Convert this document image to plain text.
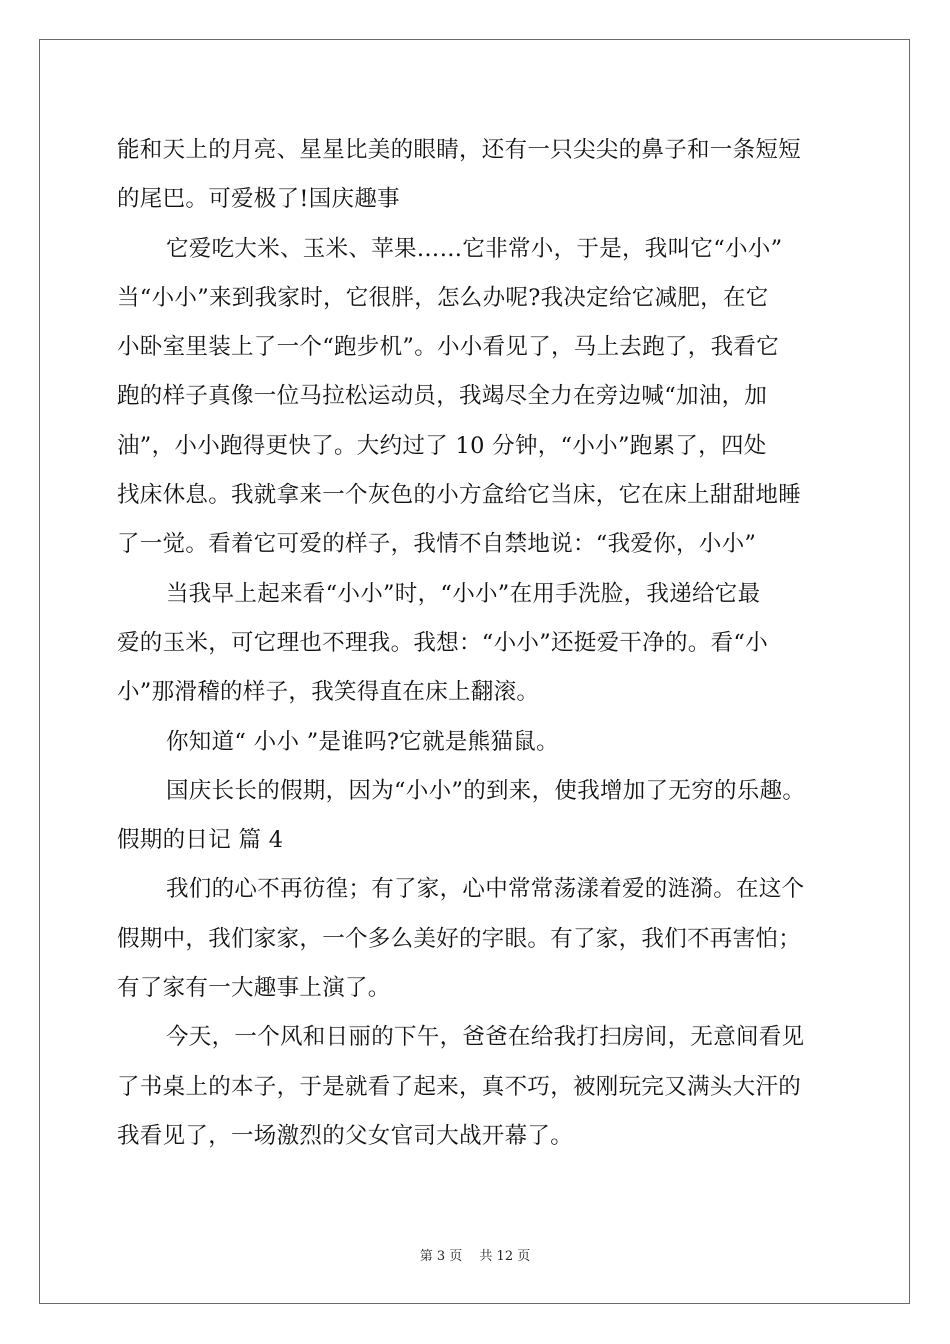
能和天上的月亮、星星比美的眼睛，还有一只尖尖的鼻子和一条短短
的尾巴。可爱极了!国庆趣事
它爱吃大米、玉米、苹果……它非常小，于是，我叫它“小小”
当“小小”来到我家时，它很胖，怎么办呢?我决定给它减肥，在它
小卧室里装上了一个“跑步机”。小小看见了，马上去跑了，我看它
跑的样子真像一位马拉松运动员，我竭尽全力在旁边喊“加油，加
油”，小小跑得更快了。大约过了 10 分钟，“小小”跑累了，四处
找床休息。我就拿来一个灰色的小方盒给它当床，它在床上甜甜地睡
了一觉。看着它可爱的样子，我情不自禁地说：“我爱你，小小”
当我早上起来看“小小”时，“小小”在用手洗脸，我递给它最
爱的玉米，可它理也不理我。我想：“小小”还挺爱干净的。看“小
小”那滑稽的样子，我笑得直在床上翻滚。
你知道“ 小小 ”是谁吗?它就是熊猫鼠。
国庆长长的假期，因为“小小”的到来，使我增加了无穷的乐趣。
假期的日记 篇 4
我们的心不再彷徨；有了家，心中常常荡漾着爱的涟漪。在这个
假期中，我们家家，一个多么美好的字眼。有了家，我们不再害怕；
有了家有一大趣事上演了。
今天，一个风和日丽的下午，爸爸在给我打扫房间，无意间看见
了书桌上的本子，于是就看了起来，真不巧，被刚玩完又满头大汗的
我看见了，一场激烈的父女官司大战开幕了。
第 3 页　 共 12 页
